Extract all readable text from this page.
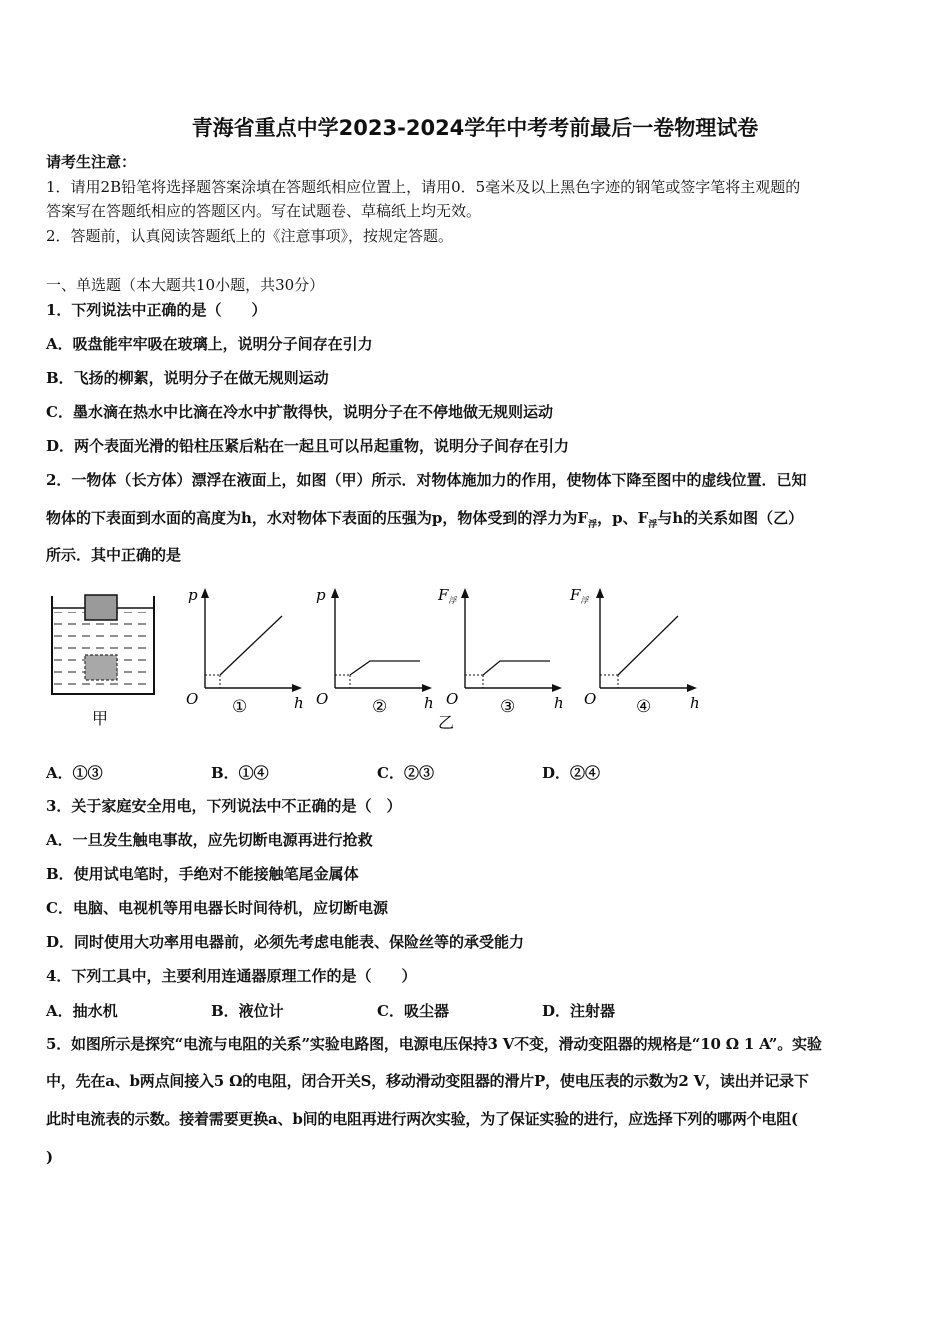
青海省重点中学2023-2024学年中考考前最后一卷物理试卷
请考生注意：
1．请用2B铅笔将选择题答案涂填在答题纸相应位置上，请用0．5毫米及以上黑色字迹的钢笔或签字笔将主观题的
答案写在答题纸相应的答题区内。写在试题卷、草稿纸上均无效。
2．答题前，认真阅读答题纸上的《注意事项》，按规定答题。
一、单选题（本大题共10小题，共30分）
1．下列说法中正确的是（　　）
A．吸盘能牢牢吸在玻璃上，说明分子间存在引力
B．飞扬的柳絮，说明分子在做无规则运动
C．墨水滴在热水中比滴在冷水中扩散得快，说明分子在不停地做无规则运动
D．两个表面光滑的铅柱压紧后粘在一起且可以吊起重物，说明分子间存在引力
2．一物体（长方体）漂浮在液面上，如图（甲）所示．对物体施加力的作用，使物体下降至图中的虚线位置．已知
物体的下表面到水面的高度为h，水对物体下表面的压强为p，物体受到的浮力为$F_浮$，p、$F_浮$与h的关系如图（乙）
所示．其中正确的是
甲
p
O	h
①
p
O	h
②
$F_浮$
O	h
③
乙
$F_浮$
O	h
④
A．①③	B．①④	C．②③	D．②④
3．关于家庭安全用电，下列说法中不正确的是（　）
A．一旦发生触电事故，应先切断电源再进行抢救
B．使用试电笔时，手绝对不能接触笔尾金属体
C．电脑、电视机等用电器长时间待机，应切断电源
D．同时使用大功率用电器前，必须先考虑电能表、保险丝等的承受能力
4．下列工具中，主要利用连通器原理工作的是（　　）
A．抽水机	B．液位计	C．吸尘器	D．注射器
5．如图所示是探究“电流与电阻的关系”实验电路图，电源电压保持3 V不变，滑动变阻器的规格是“10 Ω 1 A”。实验
中，先在a、b两点间接入5 Ω的电阻，闭合开关S，移动滑动变阻器的滑片P，使电压表的示数为2 V，读出并记录下
此时电流表的示数。接着需要更换a、b间的电阻再进行两次实验，为了保证实验的进行，应选择下列的哪两个电阻(
)
